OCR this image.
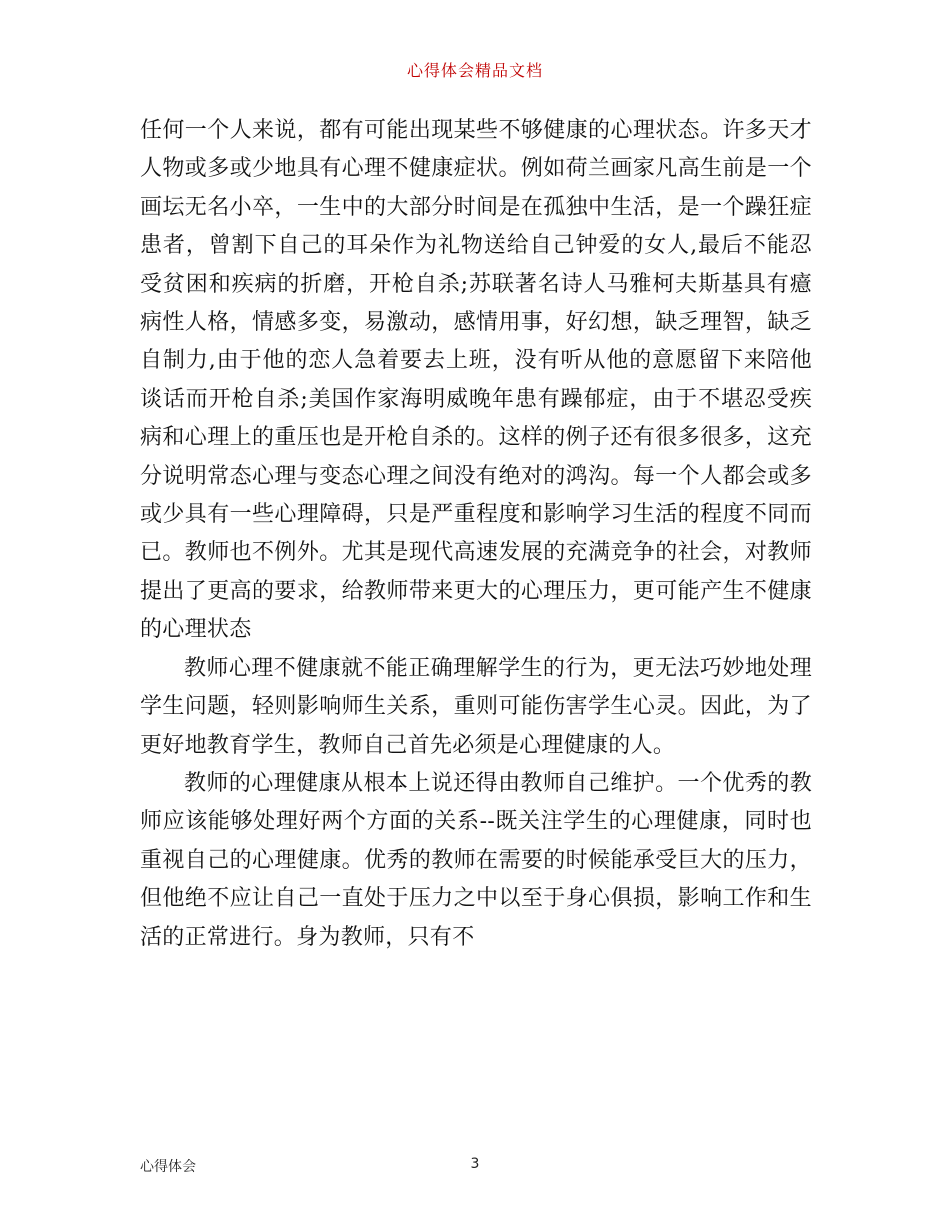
心得体会精品文档

任何一个人来说，都有可能出现某些不够健康的心理状态。许多天才人物或多或少地具有心理不健康症状。例如荷兰画家凡高生前是一个画坛无名小卒，一生中的大部分时间是在孤独中生活，是一个躁狂症患者，曾割下自己的耳朵作为礼物送给自己钟爱的女人,最后不能忍受贫困和疾病的折磨，开枪自杀;苏联著名诗人马雅柯夫斯基具有癔病性人格，情感多变，易激动，感情用事，好幻想，缺乏理智，缺乏自制力,由于他的恋人急着要去上班，没有听从他的意愿留下来陪他谈话而开枪自杀;美国作家海明威晚年患有躁郁症，由于不堪忍受疾病和心理上的重压也是开枪自杀的。这样的例子还有很多很多，这充分说明常态心理与变态心理之间没有绝对的鸿沟。每一个人都会或多或少具有一些心理障碍，只是严重程度和影响学习生活的程度不同而已。教师也不例外。尤其是现代高速发展的充满竞争的社会，对教师提出了更高的要求，给教师带来更大的心理压力，更可能产生不健康的心理状态

教师心理不健康就不能正确理解学生的行为，更无法巧妙地处理学生问题，轻则影响师生关系，重则可能伤害学生心灵。因此，为了更好地教育学生，教师自己首先必须是心理健康的人。

教师的心理健康从根本上说还得由教师自己维护。一个优秀的教师应该能够处理好两个方面的关系--既关注学生的心理健康，同时也重视自己的心理健康。优秀的教师在需要的时候能承受巨大的压力，但他绝不应让自己一直处于压力之中以至于身心俱损，影响工作和生活的正常进行。身为教师，只有不

心得体会	3
